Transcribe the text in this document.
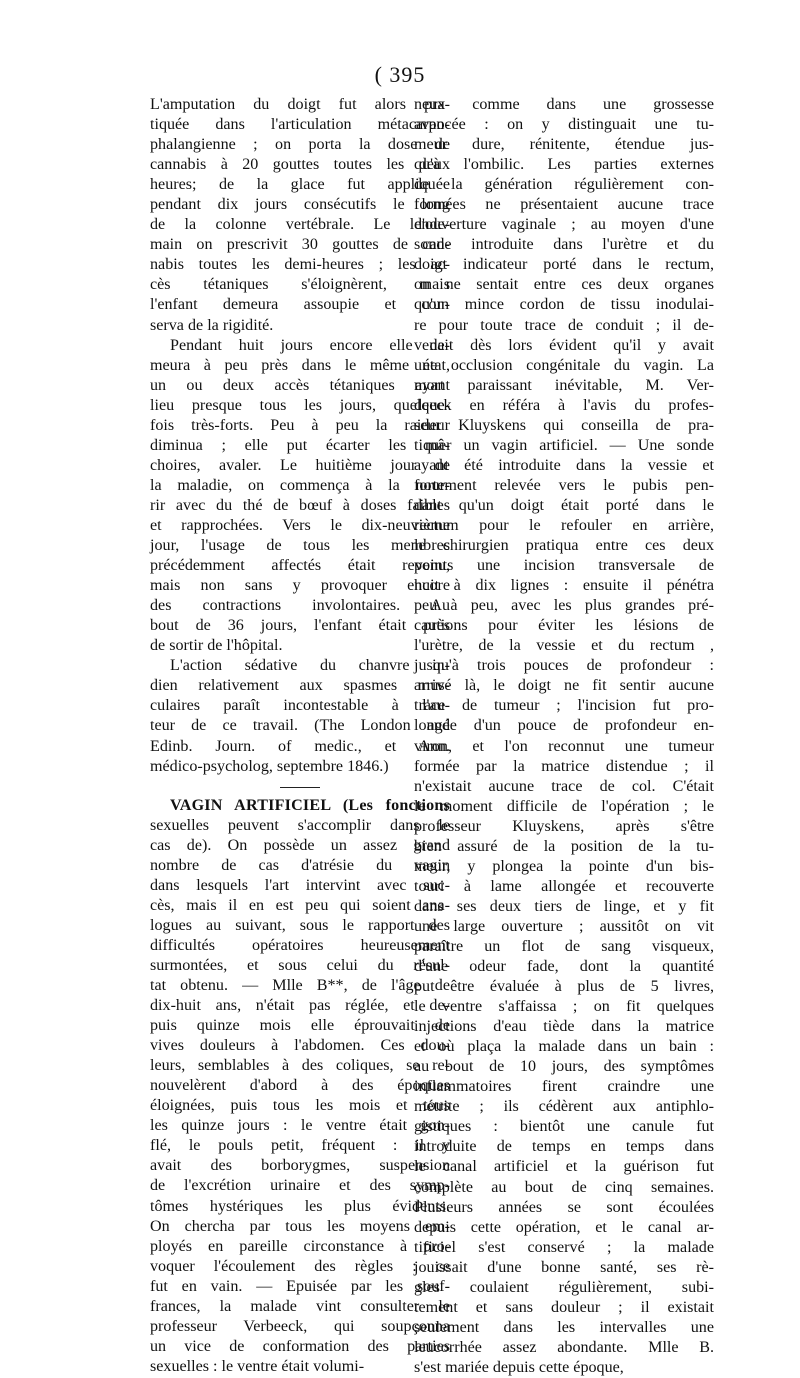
( 395
L'amputation du doigt fut alors pra-
tiquée dans l'articulation métacarpo-
phalangienne ; on porta la dose de
cannabis à 20 gouttes toutes les deux
heures; de la glace fut appliquée
pendant dix jours consécutifs le long
de la colonne vertébrale. Le lende-
main on prescrivit 30 gouttes de can-
nabis toutes les demi-heures ; les ac-
cès tétaniques s'éloignèrent, mais
l'enfant demeura assoupie et con-
serva de la rigidité.
Pendant huit jours encore elle de-
meura à peu près dans le même état,
un ou deux accès tétaniques ayant
lieu presque tous les jours, quelque-
fois très-forts. Peu à peu la raideur
diminua ; elle put écarter les mâ-
choires, avaler. Le huitième jour de
la maladie, on commença à la nour-
rir avec du thé de bœuf à doses faibles
et rapprochées. Vers le dix-neuvième
jour, l'usage de tous les membres
précédemment affectés était revenu,
mais non sans y provoquer encore
des contractions involontaires. Au
bout de 36 jours, l'enfant était près
de sortir de l'hôpital.
L'action sédative du chanvre in-
dien relativement aux spasmes mus-
culaires paraît incontestable à l'au-
teur de ce travail. (The London and
Edinb. Journ. of medic., et Ann.
médico-psycholog, septembre 1846.)
VAGIN ARTIFICIEL (Les fonctions
sexuelles peuvent s'accomplir dans le
cas de). On possède un assez grand
nombre de cas d'atrésie du vagin
dans lesquels l'art intervint avec suc-
cès, mais il en est peu qui soient ana-
logues au suivant, sous le rapport des
difficultés opératoires heureusement
surmontées, et sous celui du résul-
tat obtenu. — Mlle B**, de l'âge de
dix-huit ans, n'était pas réglée, et de-
puis quinze mois elle éprouvait de
vives douleurs à l'abdomen. Ces dou-
leurs, semblables à des coliques, se re-
nouvelèrent d'abord à des époques
éloignées, puis tous les mois et tous
les quinze jours : le ventre était gon-
flé, le pouls petit, fréquent : il y
avait des borborygmes, suspension
de l'excrétion urinaire et des symp-
tômes hystériques les plus évidents.
On chercha par tous les moyens em-
ployés en pareille circonstance à pro-
voquer l'écoulement des règles : ce
fut en vain. — Epuisée par les souf-
frances, la malade vint consulter le
professeur Verbeeck, qui soupçonna
un vice de conformation des parties
sexuelles : le ventre était volumi-
neux comme dans une grossesse
avancée : on y distinguait une tu-
meur dure, rénitente, étendue jus-
qu'à l'ombilic. Les parties externes
de la génération régulièrement con-
formées ne présentaient aucune trace
d'ouverture vaginale ; au moyen d'une
sonde introduite dans l'urètre et du
doigt indicateur porté dans le rectum,
on ne sentait entre ces deux organes
qu'un mince cordon de tissu inodulai-
re pour toute trace de conduit ; il de-
venait dès lors évident qu'il y avait
une occlusion congénitale du vagin. La
mort paraissant inévitable, M. Ver-
deeck en référa à l'avis du profes-
seur Kluyskens qui conseilla de pra-
tiquer un vagin artificiel. — Une sonde
ayant été introduite dans la vessie et
fortement relevée vers le pubis pen-
dant qu'un doigt était porté dans le
rectum pour le refouler en arrière,
le chirurgien pratiqua entre ces deux
points une incision transversale de
huit à dix lignes : ensuite il pénétra
peu à peu, avec les plus grandes pré-
cautions pour éviter les lésions de
l'urètre, de la vessie et du rectum ,
jusqu'à trois pouces de profondeur :
arrivé là, le doigt ne fit sentir aucune
trace de tumeur ; l'incision fut pro-
longée d'un pouce de profondeur en-
viron, et l'on reconnut une tumeur
formée par la matrice distendue ; il
n'existait aucune trace de col. C'était
le moment difficile de l'opération ; le
professeur Kluyskens, après s'être
bien assuré de la position de la tu-
meur, y plongea la pointe d'un bis-
touri à lame allongée et recouverte
dans ses deux tiers de linge, et y fit
une large ouverture ; aussitôt on vit
paraître un flot de sang visqueux,
d'une odeur fade, dont la quantité
put être évaluée à plus de 5 livres,
le ventre s'affaissa ; on fit quelques
injections d'eau tiède dans la matrice
et où plaça la malade dans un bain :
au bout de 10 jours, des symptômes
inflammatoires firent craindre une
métrite ; ils cédèrent aux antiphlo-
gistiques : bientôt une canule fut
introduite de temps en temps dans
le canal artificiel et la guérison fut
complète au bout de cinq semaines.
Plusieurs années se sont écoulées
depuis cette opération, et le canal ar-
tificiel s'est conservé ; la malade
jouissait d'une bonne santé, ses rè-
gles coulaient régulièrement, subi-
tement et sans douleur ; il existait
seulement dans les intervalles une
leucorrhée assez abondante. Mlle B.
s'est mariée depuis cette époque,
